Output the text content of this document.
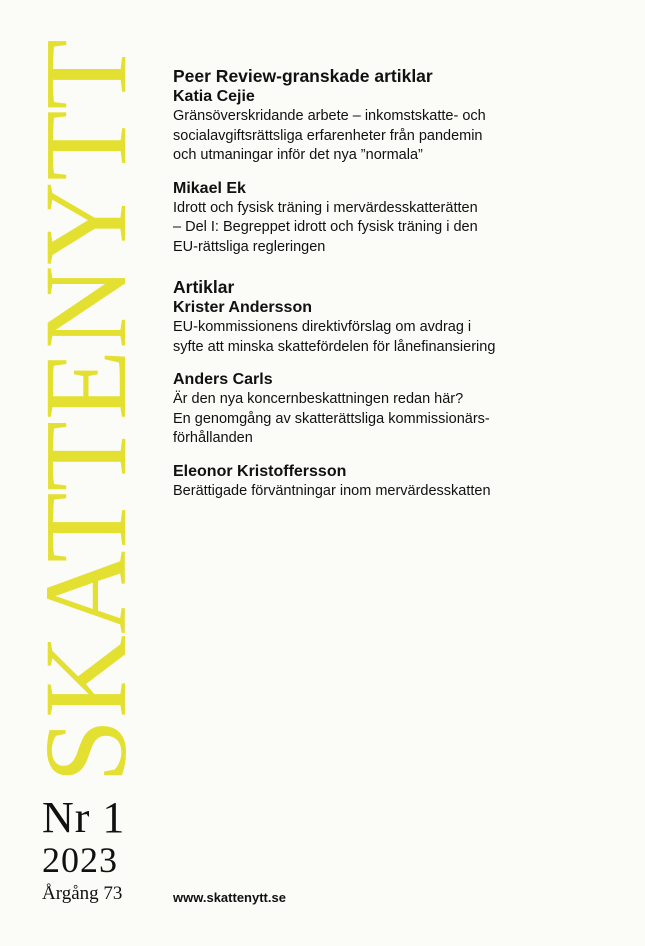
SKATTENYTT
Nr 1
2023
Årgång 73
Peer Review-granskade artiklar
Katia Cejie
Gränsöverskridande arbete – inkomstskatte- och
socialavgiftsrättsliga erfarenheter från pandemin
och utmaningar inför det nya ”normala”
Mikael Ek
Idrott och fysisk träning i mervärdesskatterätten
– Del I: Begreppet idrott och fysisk träning i den
EU-rättsliga regleringen
Artiklar
Krister Andersson
EU-kommissionens direktivförslag om avdrag i
syfte att minska skattefördelen för lånefinansiering
Anders Carls
Är den nya koncernbeskattningen redan här?
En genomgång av skatterättsliga kommissionärs-
förhållanden
Eleonor Kristoffersson
Berättigade förväntningar inom mervärdesskatten
www.skattenytt.se
